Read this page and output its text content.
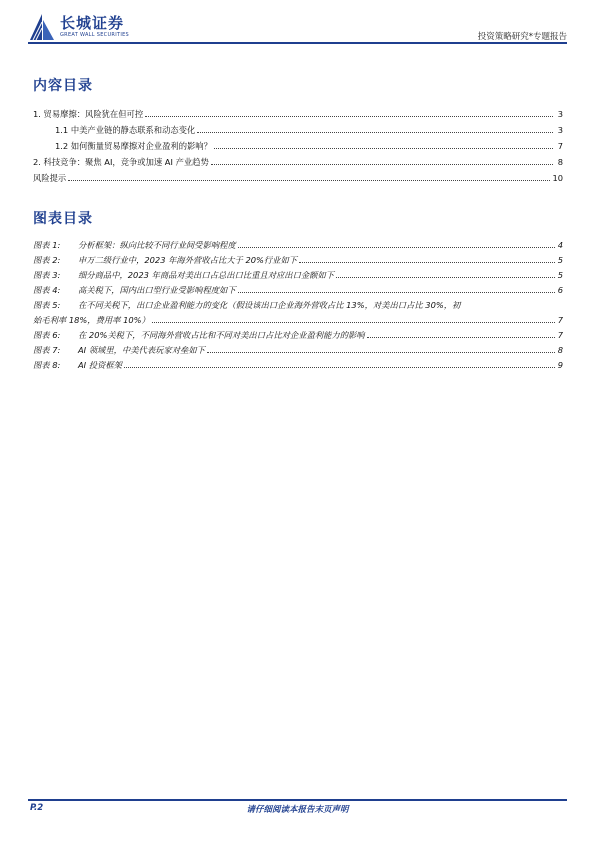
长城证券
GREAT WALL SECURITIES	投资策略研究*专题报告
内容目录
1. 贸易摩擦：风险犹在但可控	3
1.1 中美产业链的静态联系和动态变化	3
1.2 如何衡量贸易摩擦对企业盈利的影响？	7
2. 科技竞争：聚焦 AI，竞争或加速 AI 产业趋势	8
风险提示	10
图表目录
图表 1:	分析框架：纵向比较不同行业间受影响程度	4
图表 2:	申万二级行业中，2023 年海外营收占比大于 20%行业如下	5
图表 3:	细分商品中，2023 年商品对美出口占总出口比重且对应出口金额如下	5
图表 4:	高关税下，国内出口型行业受影响程度如下	6
图表 5:	在不同关税下，出口企业盈利能力的变化（假设该出口企业海外营收占比 13%，对美出口占比 30%，初
始毛利率 18%，费用率 10%）	7
图表 6:	在 20%关税下，不同海外营收占比和不同对美出口占比对企业盈利能力的影响	7
图表 7:	AI 领域里，中美代表玩家对垒如下	8
图表 8:	AI 投资框架	9
P.2	请仔细阅读本报告末页声明
